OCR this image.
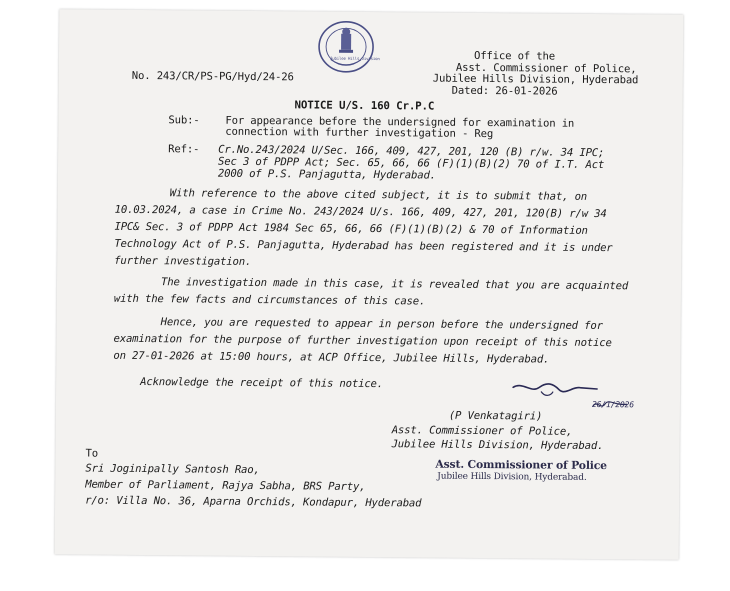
Jubilee Hills Division	Office of the
Asst. Commissioner of Police,
Jubilee Hills Division, Hyderabad
Dated: 26-01-2026
No. 243/CR/PS-PG/Hyd/24-26
NOTICE U/S. 160 Cr.P.C
Sub:- For appearance before the undersigned for examination in
connection with further investigation - Reg
Ref:- Cr.No.243/2024 U/Sec. 166, 409, 427, 201, 120 (B) r/w. 34 IPC;
Sec 3 of PDPP Act; Sec. 65, 66, 66 (F)(1)(B)(2) 70 of I.T. Act
2000 of P.S. Panjagutta, Hyderabad.
With reference to the above cited subject, it is to submit that, on
10.03.2024, a case in Crime No. 243/2024 U/s. 166, 409, 427, 201, 120(B) r/w 34
IPC& Sec. 3 of PDPP Act 1984 Sec 65, 66, 66 (F)(1)(B)(2) & 70 of Information
Technology Act of P.S. Panjagutta, Hyderabad has been registered and it is under
further investigation.
The investigation made in this case, it is revealed that you are acquainted
with the few facts and circumstances of this case.
Hence, you are requested to appear in person before the undersigned for
examination for the purpose of further investigation upon receipt of this notice
on 27-01-2026 at 15:00 hours, at ACP Office, Jubilee Hills, Hyderabad.
Acknowledge the receipt of this notice.
26/1/2026
(P Venkatagiri)
Asst. Commissioner of Police,
Jubilee Hills Division, Hyderabad.
To
Sri Joginipally Santosh Rao,
Member of Parliament, Rajya Sabha, BRS Party,
r/o: Villa No. 36, Aparna Orchids, Kondapur, Hyderabad
Asst. Commissioner of Police
Jubilee Hills Division, Hyderabad.
